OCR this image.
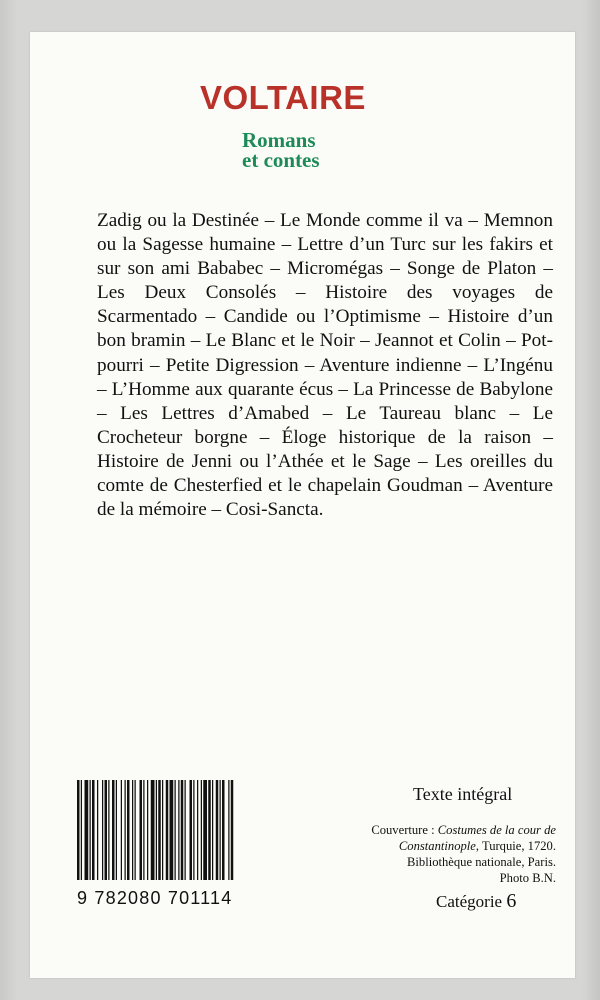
VOLTAIRE
Romans
et contes
Zadig ou la Destinée – Le Monde comme il va – Memnon ou la Sagesse humaine – Lettre d’un Turc sur les fakirs et sur son ami Bababec – Micromégas – Songe de Platon – Les Deux Consolés – Histoire des voyages de Scarmentado – Candide ou l’Optimisme – Histoire d’un bon bramin – Le Blanc et le Noir – Jeannot et Colin – Pot-pourri – Petite Digression – Aventure indienne – L’Ingénu – L’Homme aux quarante écus – La Princesse de Babylone – Les Lettres d’Amabed – Le Taureau blanc – Le Crocheteur borgne – Éloge historique de la raison – Histoire de Jenni ou l’Athée et le Sage – Les oreilles du comte de Chesterfied et le chapelain Goudman – Aventure de la mémoire – Cosi-Sancta.
9 782080 701114
Texte intégral
Couverture : Costumes de la cour de Constantinople, Turquie, 1720.
Bibliothèque nationale, Paris.
Photo B.N.
Catégorie 6
